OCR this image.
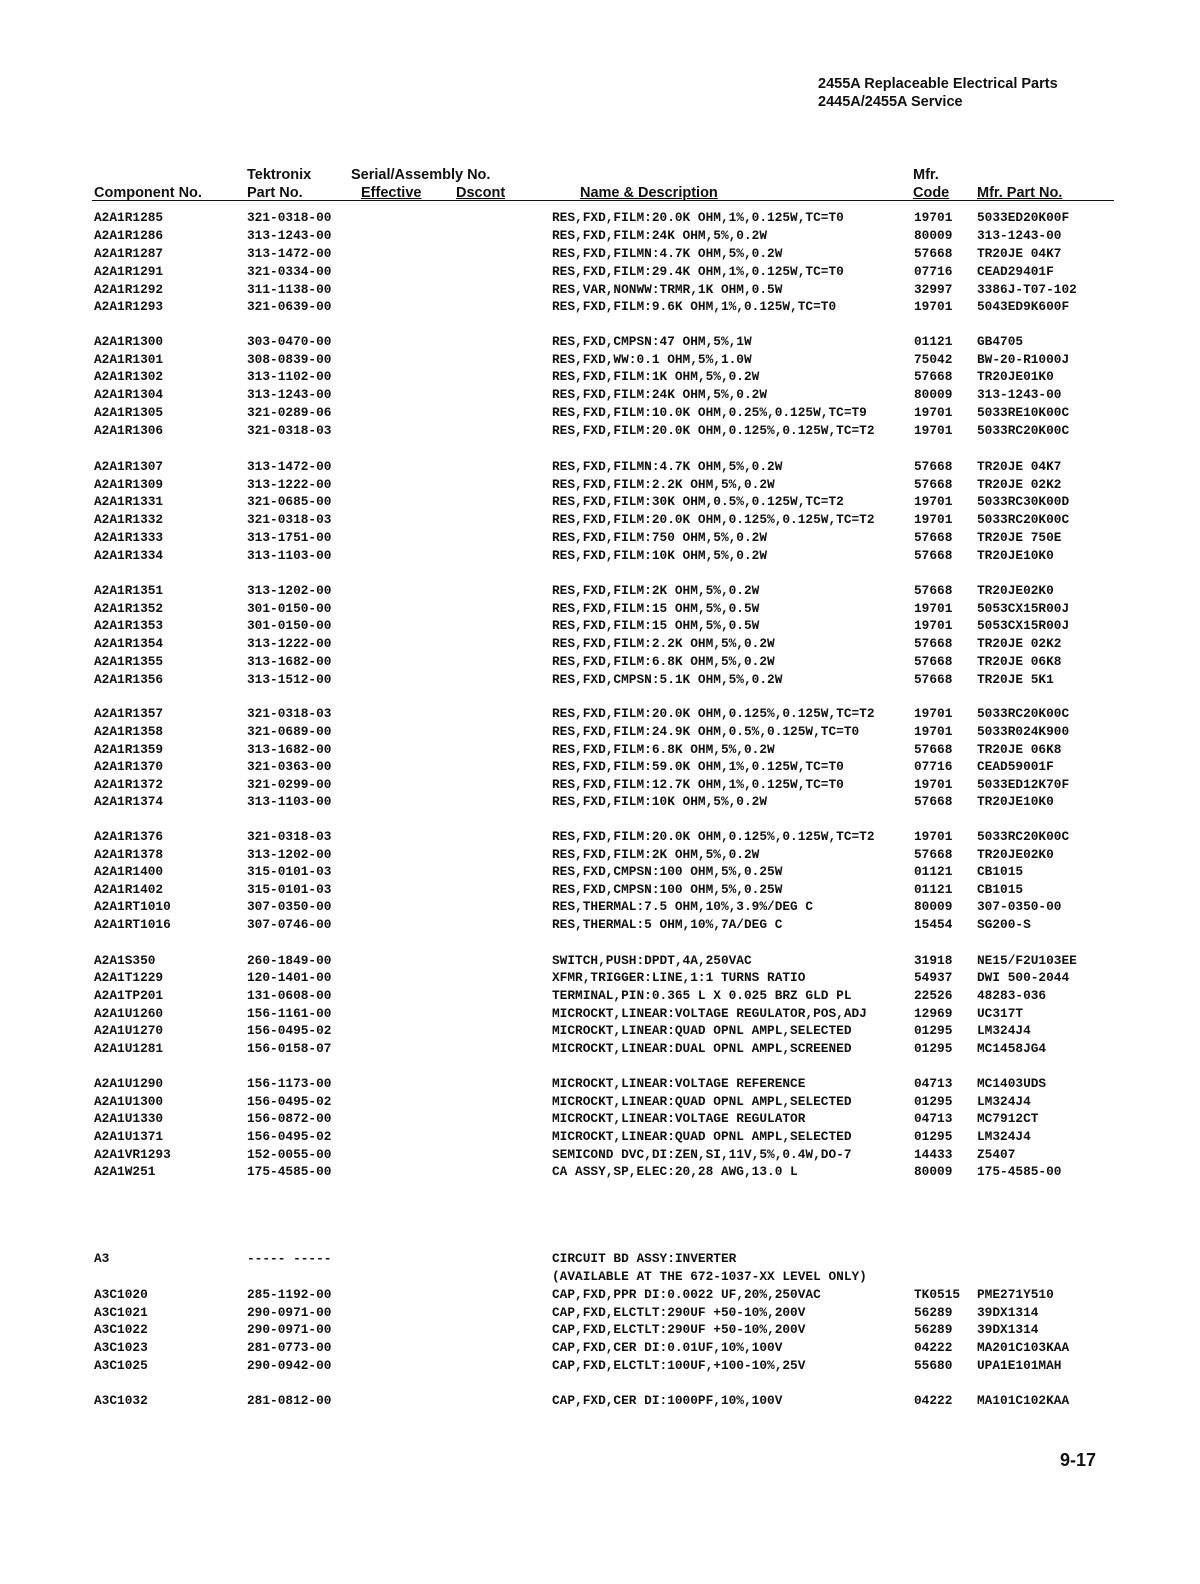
2455A Replaceable Electrical Parts
2445A/2455A Service
Tektronix	Serial/Assembly No.	Mfr.
Component No.	Part No.	Effective Dscont	Name & Description	Code Mfr. Part No.
A2A1R1285	321-0318-00	RES,FXD,FILM:20.0K OHM,1%,0.125W,TC=T0	19701 5033ED20K00F
A2A1R1286	313-1243-00	RES,FXD,FILM:24K OHM,5%,0.2W	80009 313-1243-00
A2A1R1287	313-1472-00	RES,FXD,FILMN:4.7K OHM,5%,0.2W	57668 TR20JE 04K7
A2A1R1291	321-0334-00	RES,FXD,FILM:29.4K OHM,1%,0.125W,TC=T0	07716 CEAD29401F
A2A1R1292	311-1138-00	RES,VAR,NONWW:TRMR,1K OHM,0.5W	32997 3386J-T07-102
A2A1R1293	321-0639-00	RES,FXD,FILM:9.6K OHM,1%,0.125W,TC=T0	19701 5043ED9K600F
A2A1R1300	303-0470-00	RES,FXD,CMPSN:47 OHM,5%,1W	01121 GB4705
A2A1R1301	308-0839-00	RES,FXD,WW:0.1 OHM,5%,1.0W	75042 BW-20-R1000J
A2A1R1302	313-1102-00	RES,FXD,FILM:1K OHM,5%,0.2W	57668 TR20JE01K0
A2A1R1304	313-1243-00	RES,FXD,FILM:24K OHM,5%,0.2W	80009 313-1243-00
A2A1R1305	321-0289-06	RES,FXD,FILM:10.0K OHM,0.25%,0.125W,TC=T9	19701 5033RE10K00C
A2A1R1306	321-0318-03	RES,FXD,FILM:20.0K OHM,0.125%,0.125W,TC=T2	19701 5033RC20K00C
A2A1R1307	313-1472-00	RES,FXD,FILMN:4.7K OHM,5%,0.2W	57668 TR20JE 04K7
A2A1R1309	313-1222-00	RES,FXD,FILM:2.2K OHM,5%,0.2W	57668 TR20JE 02K2
A2A1R1331	321-0685-00	RES,FXD,FILM:30K OHM,0.5%,0.125W,TC=T2	19701 5033RC30K00D
A2A1R1332	321-0318-03	RES,FXD,FILM:20.0K OHM,0.125%,0.125W,TC=T2	19701 5033RC20K00C
A2A1R1333	313-1751-00	RES,FXD,FILM:750 OHM,5%,0.2W	57668 TR20JE 750E
A2A1R1334	313-1103-00	RES,FXD,FILM:10K OHM,5%,0.2W	57668 TR20JE10K0
A2A1R1351	313-1202-00	RES,FXD,FILM:2K OHM,5%,0.2W	57668 TR20JE02K0
A2A1R1352	301-0150-00	RES,FXD,FILM:15 OHM,5%,0.5W	19701 5053CX15R00J
A2A1R1353	301-0150-00	RES,FXD,FILM:15 OHM,5%,0.5W	19701 5053CX15R00J
A2A1R1354	313-1222-00	RES,FXD,FILM:2.2K OHM,5%,0.2W	57668 TR20JE 02K2
A2A1R1355	313-1682-00	RES,FXD,FILM:6.8K OHM,5%,0.2W	57668 TR20JE 06K8
A2A1R1356	313-1512-00	RES,FXD,CMPSN:5.1K OHM,5%,0.2W	57668 TR20JE 5K1
A2A1R1357	321-0318-03	RES,FXD,FILM:20.0K OHM,0.125%,0.125W,TC=T2	19701 5033RC20K00C
A2A1R1358	321-0689-00	RES,FXD,FILM:24.9K OHM,0.5%,0.125W,TC=T0	19701 5033R024K900
A2A1R1359	313-1682-00	RES,FXD,FILM:6.8K OHM,5%,0.2W	57668 TR20JE 06K8
A2A1R1370	321-0363-00	RES,FXD,FILM:59.0K OHM,1%,0.125W,TC=T0	07716 CEAD59001F
A2A1R1372	321-0299-00	RES,FXD,FILM:12.7K OHM,1%,0.125W,TC=T0	19701 5033ED12K70F
A2A1R1374	313-1103-00	RES,FXD,FILM:10K OHM,5%,0.2W	57668 TR20JE10K0
A2A1R1376	321-0318-03	RES,FXD,FILM:20.0K OHM,0.125%,0.125W,TC=T2	19701 5033RC20K00C
A2A1R1378	313-1202-00	RES,FXD,FILM:2K OHM,5%,0.2W	57668 TR20JE02K0
A2A1R1400	315-0101-03	RES,FXD,CMPSN:100 OHM,5%,0.25W	01121 CB1015
A2A1R1402	315-0101-03	RES,FXD,CMPSN:100 OHM,5%,0.25W	01121 CB1015
A2A1RT1010	307-0350-00	RES,THERMAL:7.5 OHM,10%,3.9%/DEG C	80009 307-0350-00
A2A1RT1016	307-0746-00	RES,THERMAL:5 OHM,10%,7A/DEG C	15454 SG200-S
A2A1S350	260-1849-00	SWITCH,PUSH:DPDT,4A,250VAC	31918 NE15/F2U103EE
A2A1T1229	120-1401-00	XFMR,TRIGGER:LINE,1:1 TURNS RATIO	54937 DWI 500-2044
A2A1TP201	131-0608-00	TERMINAL,PIN:0.365 L X 0.025 BRZ GLD PL	22526 48283-036
A2A1U1260	156-1161-00	MICROCKT,LINEAR:VOLTAGE REGULATOR,POS,ADJ	12969 UC317T
A2A1U1270	156-0495-02	MICROCKT,LINEAR:QUAD OPNL AMPL,SELECTED	01295 LM324J4
A2A1U1281	156-0158-07	MICROCKT,LINEAR:DUAL OPNL AMPL,SCREENED	01295 MC1458JG4
A2A1U1290	156-1173-00	MICROCKT,LINEAR:VOLTAGE REFERENCE	04713 MC1403UDS
A2A1U1300	156-0495-02	MICROCKT,LINEAR:QUAD OPNL AMPL,SELECTED	01295 LM324J4
A2A1U1330	156-0872-00	MICROCKT,LINEAR:VOLTAGE REGULATOR	04713 MC7912CT
A2A1U1371	156-0495-02	MICROCKT,LINEAR:QUAD OPNL AMPL,SELECTED	01295 LM324J4
A2A1VR1293	152-0055-00	SEMICOND DVC,DI:ZEN,SI,11V,5%,0.4W,DO-7	14433 Z5407
A2A1W251	175-4585-00	CA ASSY,SP,ELEC:20,28 AWG,13.0 L	80009 175-4585-00
A3	----- -----	CIRCUIT BD ASSY:INVERTER
(AVAILABLE AT THE 672-1037-XX LEVEL ONLY)
A3C1020	285-1192-00	CAP,FXD,PPR DI:0.0022 UF,20%,250VAC	TK0515 PME271Y510
A3C1021	290-0971-00	CAP,FXD,ELCTLT:290UF +50-10%,200V	56289 39DX1314
A3C1022	290-0971-00	CAP,FXD,ELCTLT:290UF +50-10%,200V	56289 39DX1314
A3C1023	281-0773-00	CAP,FXD,CER DI:0.01UF,10%,100V	04222 MA201C103KAA
A3C1025	290-0942-00	CAP,FXD,ELCTLT:100UF,+100-10%,25V	55680 UPA1E101MAH
A3C1032	281-0812-00	CAP,FXD,CER DI:1000PF,10%,100V	04222 MA101C102KAA
9-17
